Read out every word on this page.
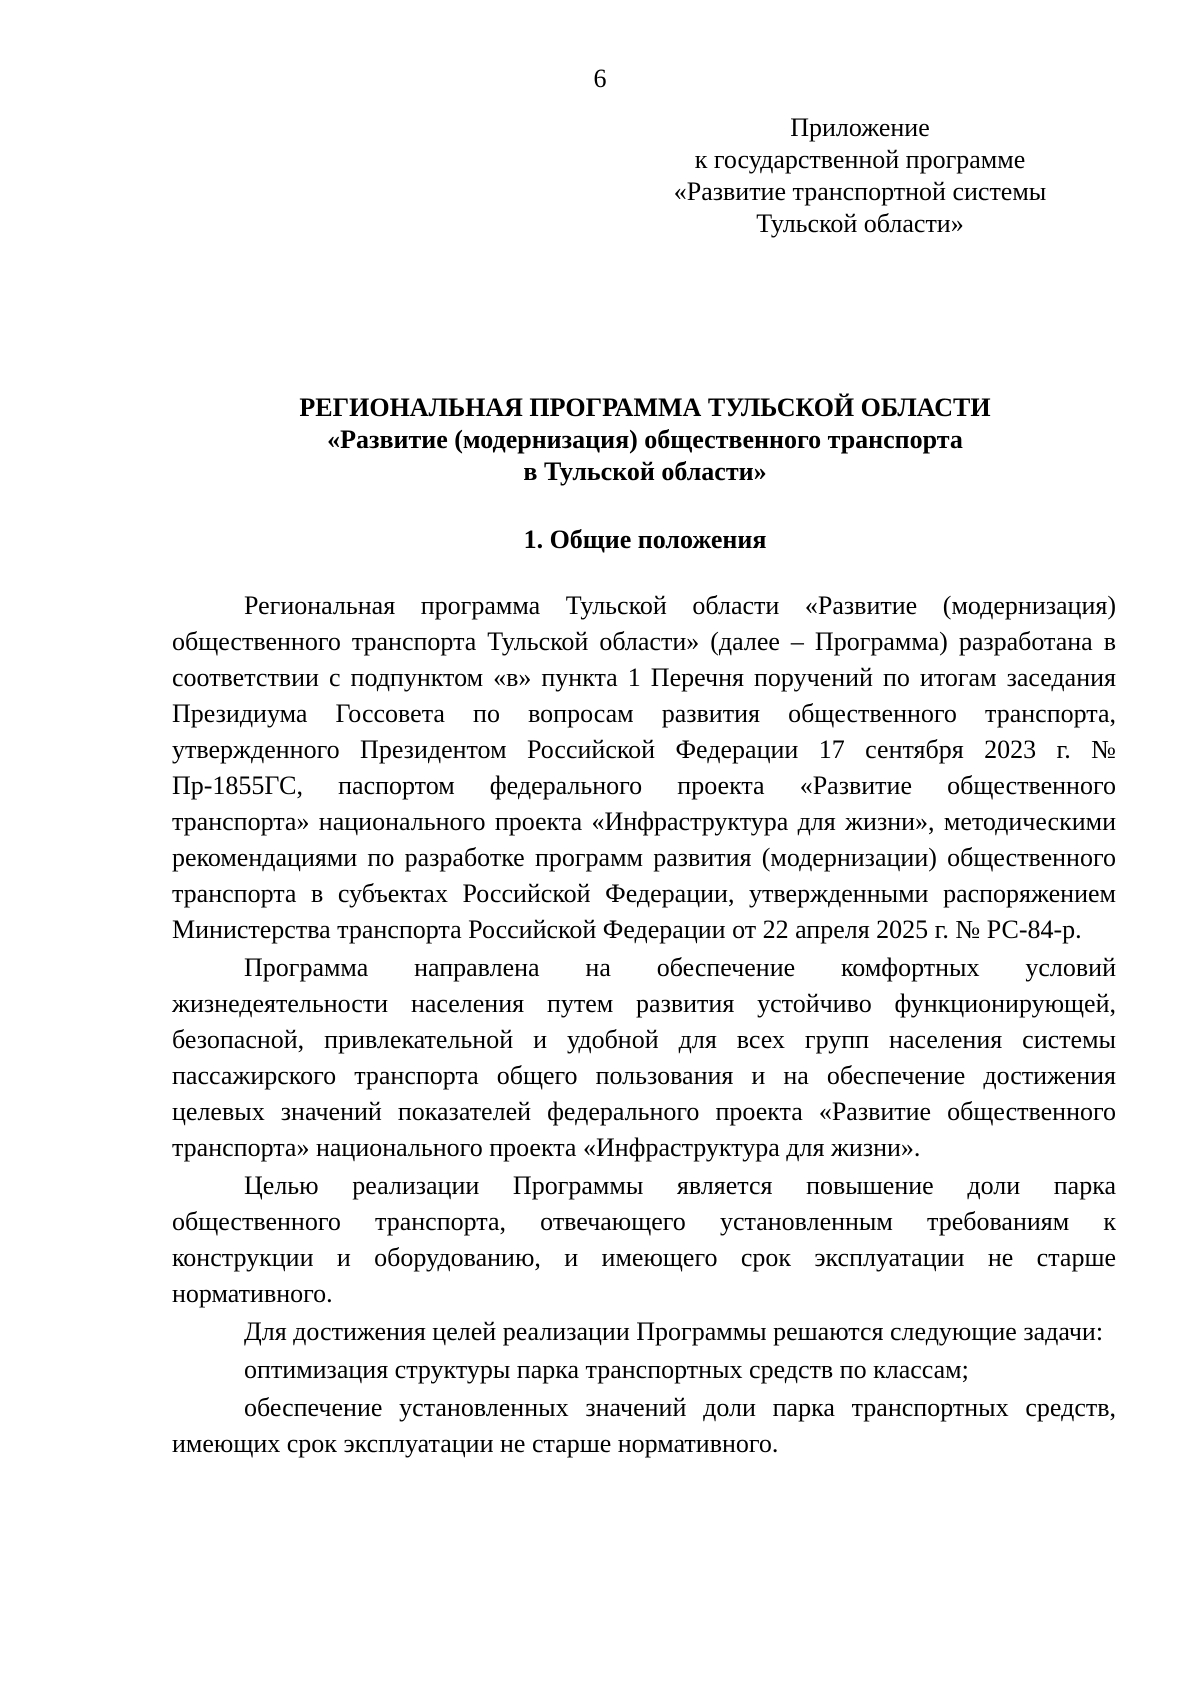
6
Приложение
к государственной программе
«Развитие транспортной системы
Тульской области»
РЕГИОНАЛЬНАЯ ПРОГРАММА ТУЛЬСКОЙ ОБЛАСТИ
«Развитие (модернизация) общественного транспорта
в Тульской области»
1. Общие положения

Региональная программа Тульской области «Развитие (модернизация) общественного транспорта Тульской области» (далее – Программа) разработана в соответствии с подпунктом «в» пункта 1 Перечня поручений по итогам заседания Президиума Госсовета по вопросам развития общественного транспорта, утвержденного Президентом Российской Федерации 17 сентября 2023 г. № Пр-1855ГС, паспортом федерального проекта «Развитие общественного транспорта» национального проекта «Инфраструктура для жизни», методическими рекомендациями по разработке программ развития (модернизации) общественного транспорта в субъектах Российской Федерации, утвержденными распоряжением Министерства транспорта Российской Федерации от 22 апреля 2025 г. № РС-84-р.

Программа направлена на обеспечение комфортных условий жизнедеятельности населения путем развития устойчиво функционирующей, безопасной, привлекательной и удобной для всех групп населения системы пассажирского транспорта общего пользования и на обеспечение достижения целевых значений показателей федерального проекта «Развитие общественного транспорта» национального проекта «Инфраструктура для жизни».

Целью реализации Программы является повышение доли парка общественного транспорта, отвечающего установленным требованиям к конструкции и оборудованию, и имеющего срок эксплуатации не старше нормативного.

Для достижения целей реализации Программы решаются следующие задачи:

оптимизация структуры парка транспортных средств по классам;

обеспечение установленных значений доли парка транспортных средств, имеющих срок эксплуатации не старше нормативного.
